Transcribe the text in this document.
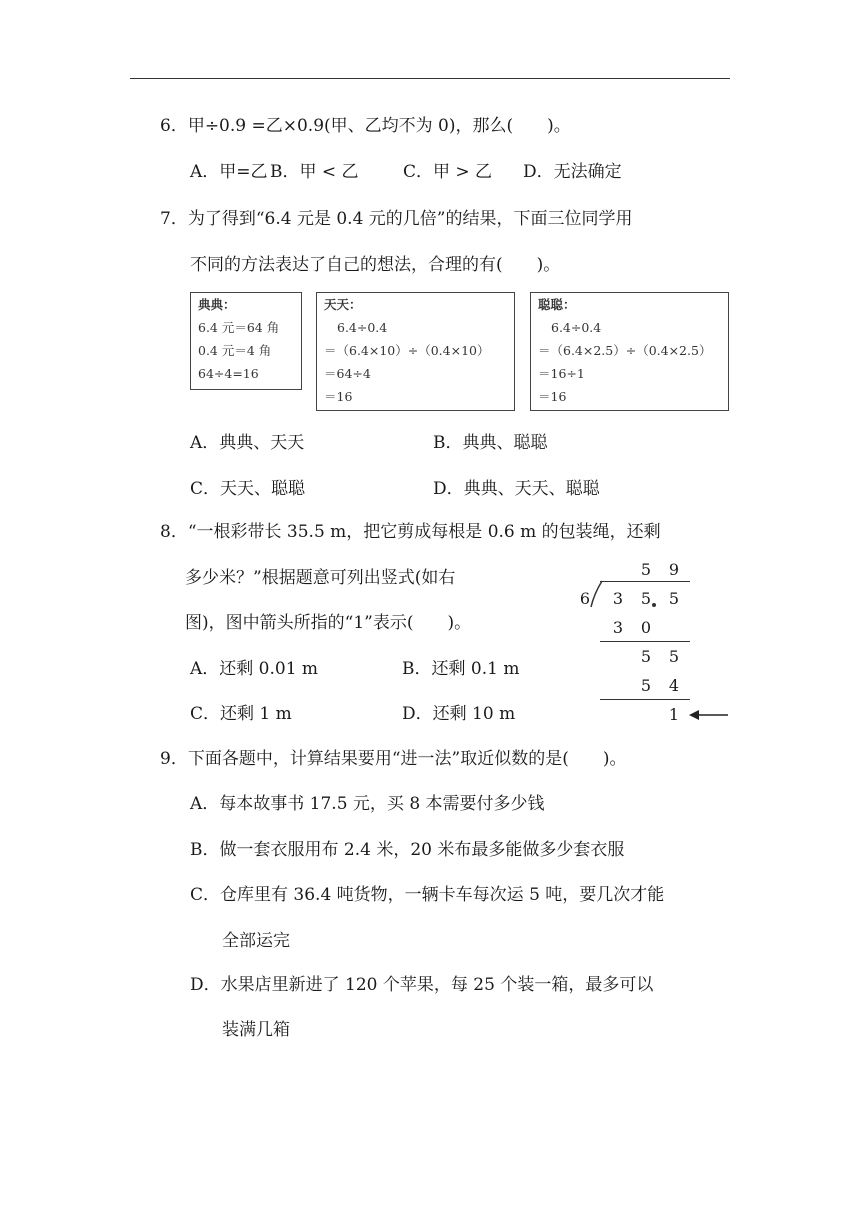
6．甲÷0.9 =乙×0.9(甲、乙均不为 0)，那么(　　)。
A．甲=乙 B．甲 < 乙	C．甲 > 乙 D．无法确定
7．为了得到“6.4 元是 0.4 元的几倍”的结果，下面三位同学用
不同的方法表达了自己的想法，合理的有(　　)。
典典：
6.4 元＝64 角
0.4 元＝4 角
64÷4=16
天天：
6.4÷0.4
＝（6.4×10）÷（0.4×10）
＝64÷4
＝16
聪聪：
6.4÷0.4
＝（6.4×2.5）÷（0.4×2.5）
＝16÷1
＝16
A．典典、天天	B．典典、聪聪
C．天天、聪聪	D．典典、天天、聪聪
8．“一根彩带长 35.5 m，把它剪成每根是 0.6 m 的包装绳，还剩
多少米？”根据题意可列出竖式(如右
图)，图中箭头所指的“1”表示(　　)。
A．还剩 0.01 m	B．还剩 0.1 m
C．还剩 1 m	D．还剩 10 m
5	9
6	3	5	5
3	0
5	5
5	4
1
9．下面各题中，计算结果要用“进一法”取近似数的是(　　)。
A．每本故事书 17.5 元，买 8 本需要付多少钱
B．做一套衣服用布 2.4 米，20 米布最多能做多少套衣服
C．仓库里有 36.4 吨货物，一辆卡车每次运 5 吨，要几次才能
全部运完
D．水果店里新进了 120 个苹果，每 25 个装一箱，最多可以
装满几箱
